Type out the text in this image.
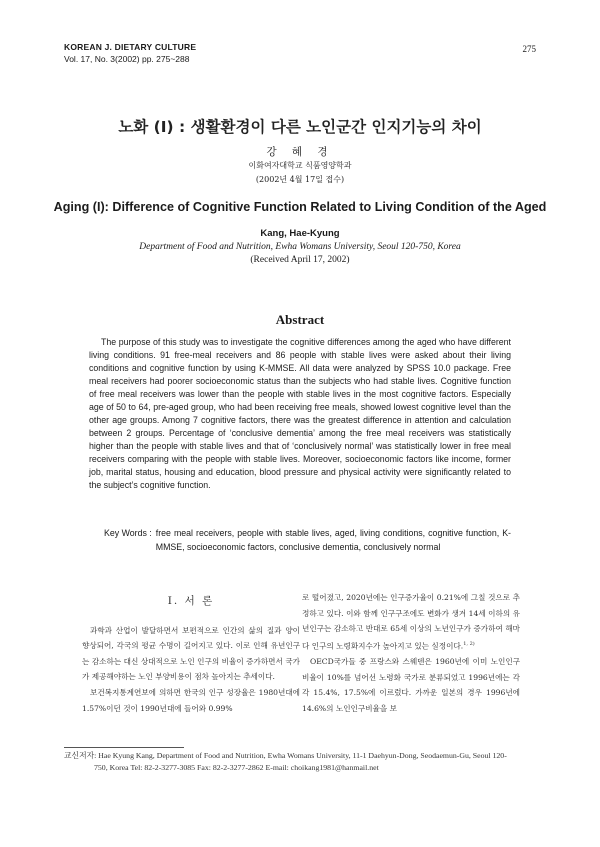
KOREAN J. DIETARY CULTURE
Vol. 17, No. 3(2002) pp. 275~288
275
노화 (I) : 생활환경이 다른 노인군간 인지기능의 차이
강 혜 경
이화여자대학교 식품영양학과
(2002년 4월 17일 접수)
Aging (I): Difference of Cognitive Function Related to Living Condition of the Aged
Kang, Hae-Kyung
Department of Food and Nutrition, Ewha Womans University, Seoul 120-750, Korea
(Received April 17, 2002)
Abstract
The purpose of this study was to investigate the cognitive differences among the aged who have different living conditions. 91 free-meal receivers and 86 people with stable lives were asked about their living conditions and cognitive function by using K-MMSE. All data were analyzed by SPSS 10.0 package. Free meal receivers had poorer socioeconomic status than the subjects who had stable lives. Cognitive function of free meal receivers was lower than the people with stable lives in the most cognitive factors. Especially age of 50 to 64, pre-aged group, who had been receiving free meals, showed lowest cognitive level than the other age groups. Among 7 cognitive factors, there was the greatest difference in attention and calculation between 2 groups. Percentage of ‘conclusive dementia’ among the free meal receivers was statistically higher than the people with stable lives and that of ‘conclusively normal’ was statistically lower in free meal receivers comparing with the people with stable lives. Moreover, socioeconomic factors like income, former job, marital status, housing and education, blood pressure and physical activity were significantly related to the subject’s cognitive function.
Key Words : free meal receivers, people with stable lives, aged, living conditions, cognitive function, K-MMSE, socioeconomic factors, conclusive dementia, conclusively normal
I. 서 론

과학과 산업이 발달하면서 보편적으로 인간의 삶의 질과 양이 향상되어, 각국의 평균 수명이 길어지고 있다. 이로 인해 유년인구는 감소하는 대신 상대적으로 노인 인구의 비율이 증가하면서 국가가 제공해야하는 노인 부양비용이 점차 높아지는 추세이다.

보건복지통계연보에 의하면 한국의 인구 성장율은 1980년대에 1.57%이던 것이 1990년대에 들어와 0.99%

로 떨어졌고, 2020년에는 인구증가율이 0.21%에 그칠 것으로 추정하고 있다. 이와 함께 인구구조에도 변화가 생겨 14세 이하의 유년인구는 감소하고 반대로 65세 이상의 노년인구가 증가하여 해마다 인구의 노령화지수가 높아지고 있는 실정이다.$^{1, 2)}$

OECD국가들 중 프랑스와 스웨덴은 1960년에 이미 노인인구비율이 10%를 넘어선 노령화 국가로 분류되었고 1996년에는 각각 15.4%, 17.5%에 이르렀다. 가까운 일본의 경우 1996년에 14.6%의 노인인구비율을 보

교신저자: Hae Kyung Kang, Department of Food and Nutrition, Ewha Womans University, 11-1 Daehyun-Dong, Seodaemun-Gu, Seoul 120-
750, Korea Tel: 82-2-3277-3085 Fax: 82-2-3277-2862 E-mail: choikang1981@hanmail.net
